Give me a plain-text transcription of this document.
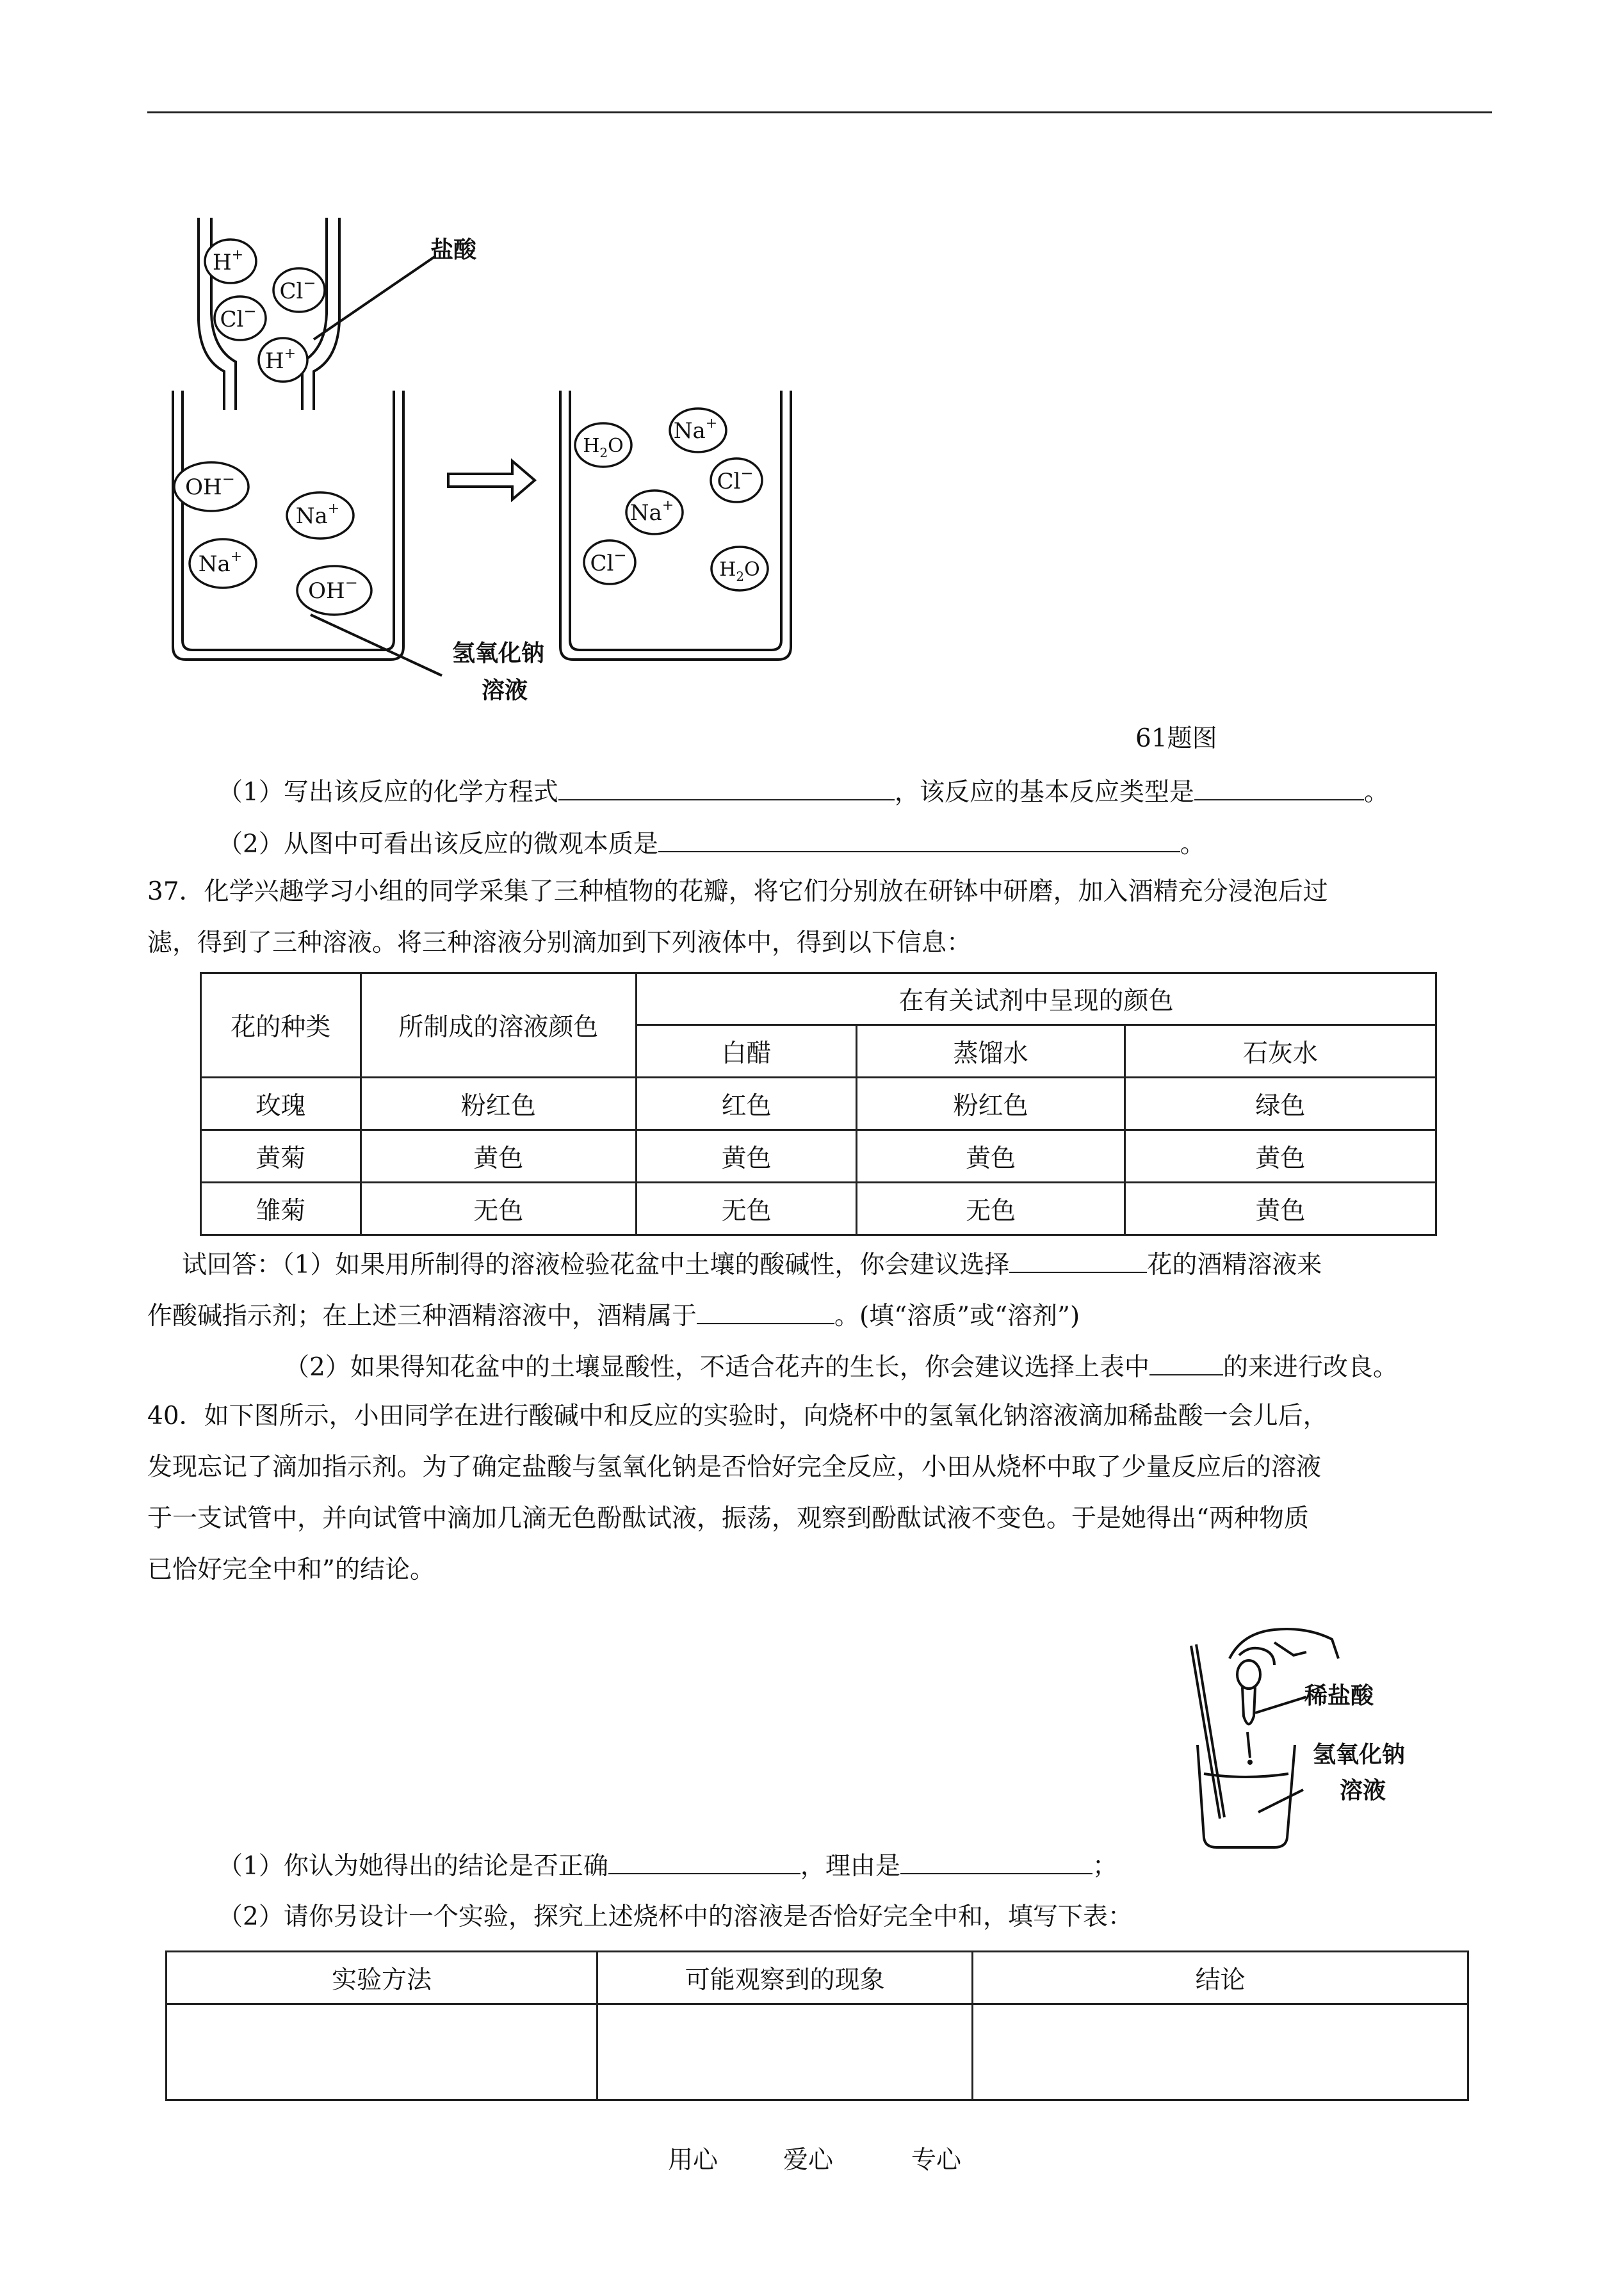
H+
Cl−
Cl−
H+
OH−
Na+
Na+
OH−
$H_2O$
Na+
Cl−
Na+
Cl−
$H_2O$
盐酸
氢氧化钠
溶液
61题图
（1）写出该反应的化学方程式	，该反应的基本反应类型是	。
（2）从图中可看出该反应的微观本质是	。
37．化学兴趣学习小组的同学采集了三种植物的花瓣，将它们分别放在研钵中研磨，加入酒精充分浸泡后过
滤，得到了三种溶液。将三种溶液分别滴加到下列液体中，得到以下信息：
花的种类	所制成的溶液颜色	在有关试剂中呈现的颜色		
		白醋	蒸馏水	石灰水
玫瑰	粉红色	红色	粉红色	绿色
黄菊	黄色	黄色	黄色	黄色
雏菊	无色	无色	无色	黄色
试回答：（1）如果用所制得的溶液检验花盆中土壤的酸碱性，你会建议选择	花的酒精溶液来
作酸碱指示剂；在上述三种酒精溶液中，酒精属于	。(填“溶质”或“溶剂”)
（2）如果得知花盆中的土壤显酸性，不适合花卉的生长，你会建议选择上表中	的来进行改良。
40．如下图所示，小田同学在进行酸碱中和反应的实验时，向烧杯中的氢氧化钠溶液滴加稀盐酸一会儿后，
发现忘记了滴加指示剂。为了确定盐酸与氢氧化钠是否恰好完全反应，小田从烧杯中取了少量反应后的溶液
于一支试管中，并向试管中滴加几滴无色酚酞试液，振荡，观察到酚酞试液不变色。于是她得出“两种物质
已恰好完全中和”的结论。
稀盐酸
氢氧化钠
溶液
（1）你认为她得出的结论是否正确	，理由是	；
（2）请你另设计一个实验，探究上述烧杯中的溶液是否恰好完全中和，填写下表：
实验方法	可能观察到的现象	结论

用心	爱心	专心
